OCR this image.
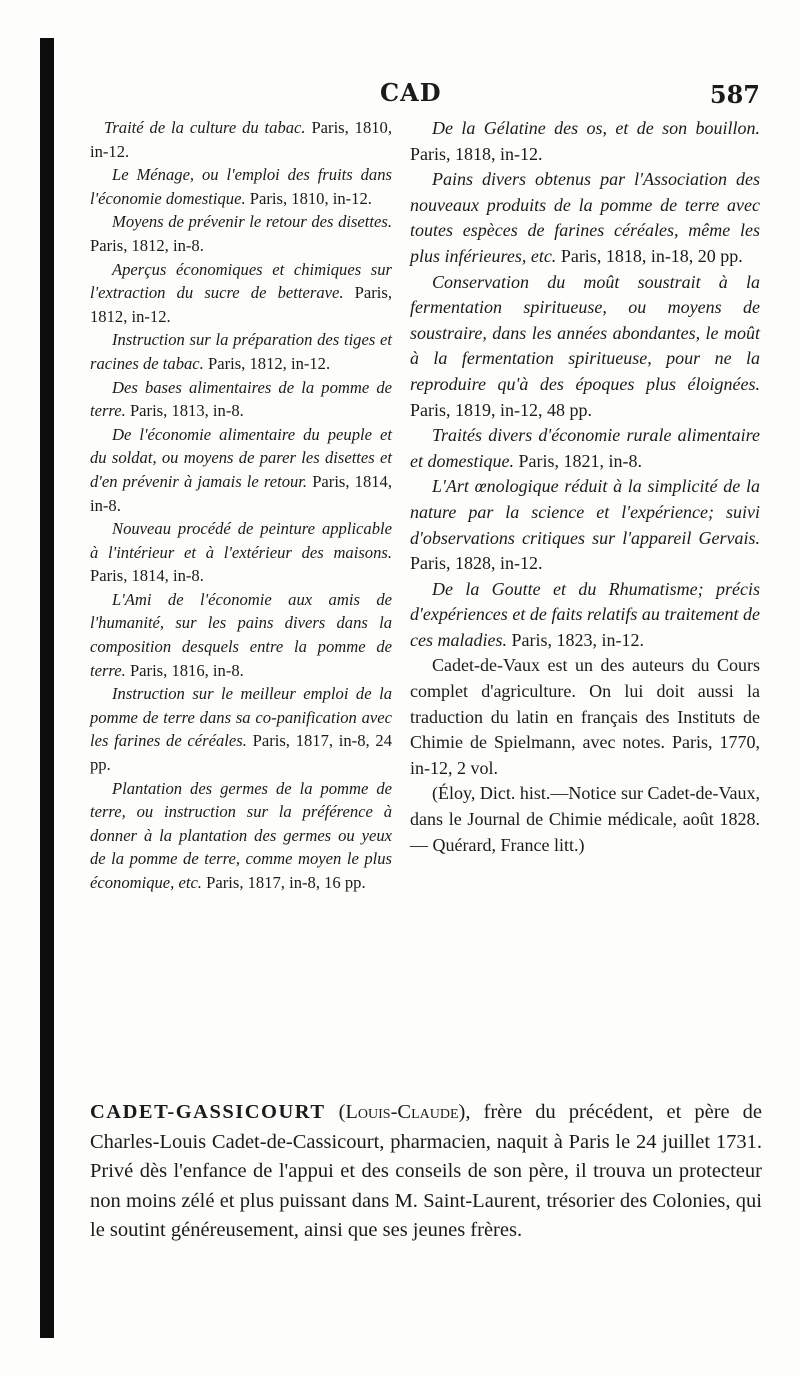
CAD	587

Traité de la culture du tabac. Paris, 1810, in-12.

Le Ménage, ou l'emploi des fruits dans l'économie domestique. Paris, 1810, in-12.

Moyens de prévenir le retour des disettes. Paris, 1812, in-8.

Aperçus économiques et chimiques sur l'extraction du sucre de betterave. Paris, 1812, in-12.

Instruction sur la préparation des tiges et racines de tabac. Paris, 1812, in-12.

Des bases alimentaires de la pomme de terre. Paris, 1813, in-8.

De l'économie alimentaire du peuple et du soldat, ou moyens de parer les disettes et d'en prévenir à jamais le retour. Paris, 1814, in-8.

Nouveau procédé de peinture applicable à l'intérieur et à l'extérieur des maisons. Paris, 1814, in-8.

L'Ami de l'économie aux amis de l'humanité, sur les pains divers dans la composition desquels entre la pomme de terre. Paris, 1816, in-8.

Instruction sur le meilleur emploi de la pomme de terre dans sa co-panification avec les farines de céréales. Paris, 1817, in-8, 24 pp.

Plantation des germes de la pomme de terre, ou instruction sur la préférence à donner à la plantation des germes ou yeux de la pomme de terre, comme moyen le plus économique, etc. Paris, 1817, in-8, 16 pp.

De la Gélatine des os, et de son bouillon. Paris, 1818, in-12.

Pains divers obtenus par l'Association des nouveaux produits de la pomme de terre avec toutes espèces de farines céréales, même les plus inférieures, etc. Paris, 1818, in-18, 20 pp.

Conservation du moût soustrait à la fermentation spiritueuse, ou moyens de soustraire, dans les années abondantes, le moût à la fermentation spiritueuse, pour ne la reproduire qu'à des époques plus éloignées. Paris, 1819, in-12, 48 pp.

Traités divers d'économie rurale alimentaire et domestique. Paris, 1821, in-8.

L'Art œnologique réduit à la simplicité de la nature par la science et l'expérience; suivi d'observations critiques sur l'appareil Gervais. Paris, 1828, in-12.

De la Goutte et du Rhumatisme; précis d'expériences et de faits relatifs au traitement de ces maladies. Paris, 1823, in-12.

Cadet-de-Vaux est un des auteurs du Cours complet d'agriculture. On lui doit aussi la traduction du latin en français des Instituts de Chimie de Spielmann, avec notes. Paris, 1770, in-12, 2 vol.

(Éloy, Dict. hist.—Notice sur Cadet-de-Vaux, dans le Journal de Chimie médicale, août 1828. — Quérard, France litt.)

CADET-GASSICOURT (Louis-Claude), frère du précédent, et père de Charles-Louis Cadet-de-Cassicourt, pharmacien, naquit à Paris le 24 juillet 1731. Privé dès l'enfance de l'appui et des conseils de son père, il trouva un protecteur non moins zélé et plus puissant dans M. Saint-Laurent, trésorier des Colonies, qui le soutint généreusement, ainsi que ses jeunes frères.
